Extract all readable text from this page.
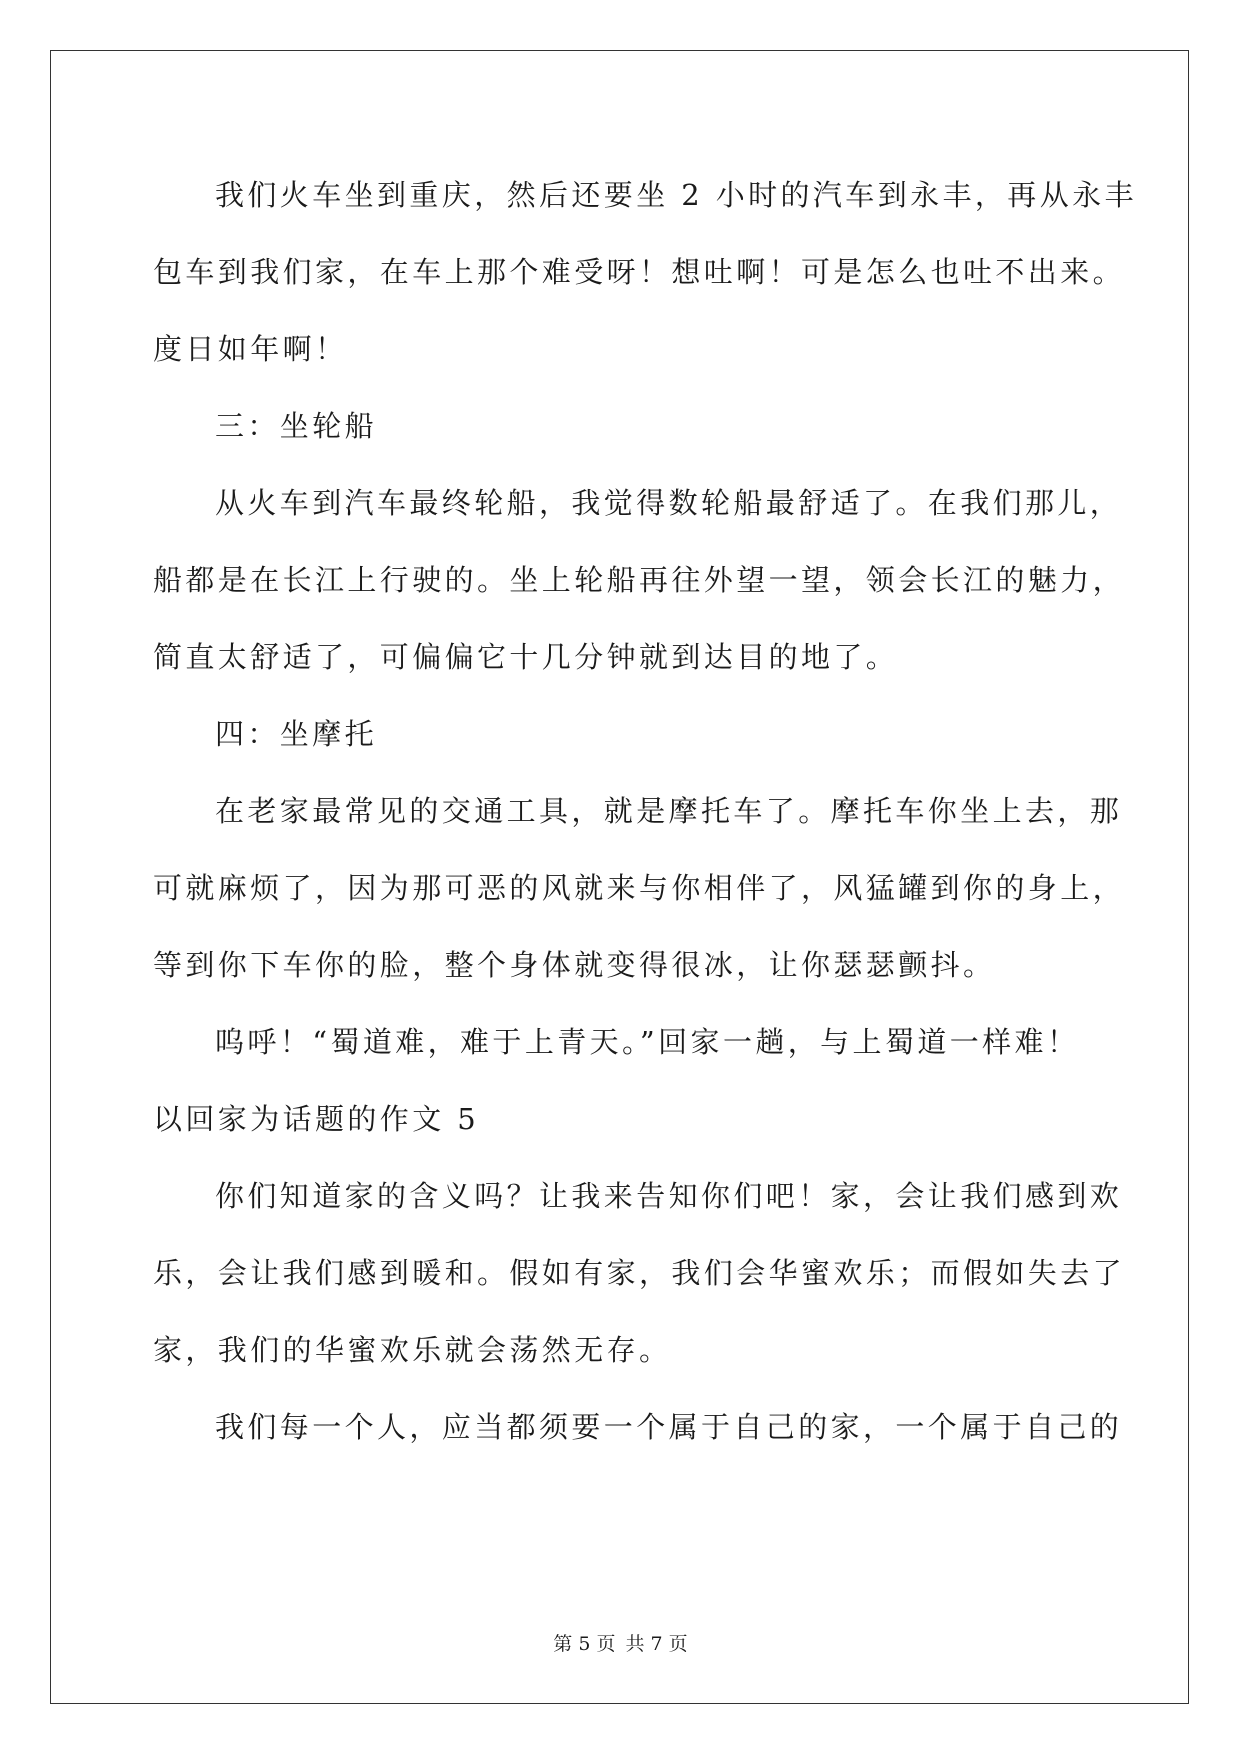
我们火车坐到重庆，然后还要坐 2 小时的汽车到永丰，再从永丰
包车到我们家，在车上那个难受呀！想吐啊！可是怎么也吐不出来。
度日如年啊！
三：坐轮船
从火车到汽车最终轮船，我觉得数轮船最舒适了。在我们那儿，
船都是在长江上行驶的。坐上轮船再往外望一望，领会长江的魅力，
简直太舒适了，可偏偏它十几分钟就到达目的地了。
四：坐摩托
在老家最常见的交通工具，就是摩托车了。摩托车你坐上去，那
可就麻烦了，因为那可恶的风就来与你相伴了，风猛罐到你的身上，
等到你下车你的脸，整个身体就变得很冰，让你瑟瑟颤抖。
呜呼！“蜀道难，难于上青天。”回家一趟，与上蜀道一样难！
以回家为话题的作文 5
你们知道家的含义吗？让我来告知你们吧！家，会让我们感到欢
乐，会让我们感到暖和。假如有家，我们会华蜜欢乐；而假如失去了
家，我们的华蜜欢乐就会荡然无存。
我们每一个人，应当都须要一个属于自己的家，一个属于自己的
第 5 页 共 7 页
